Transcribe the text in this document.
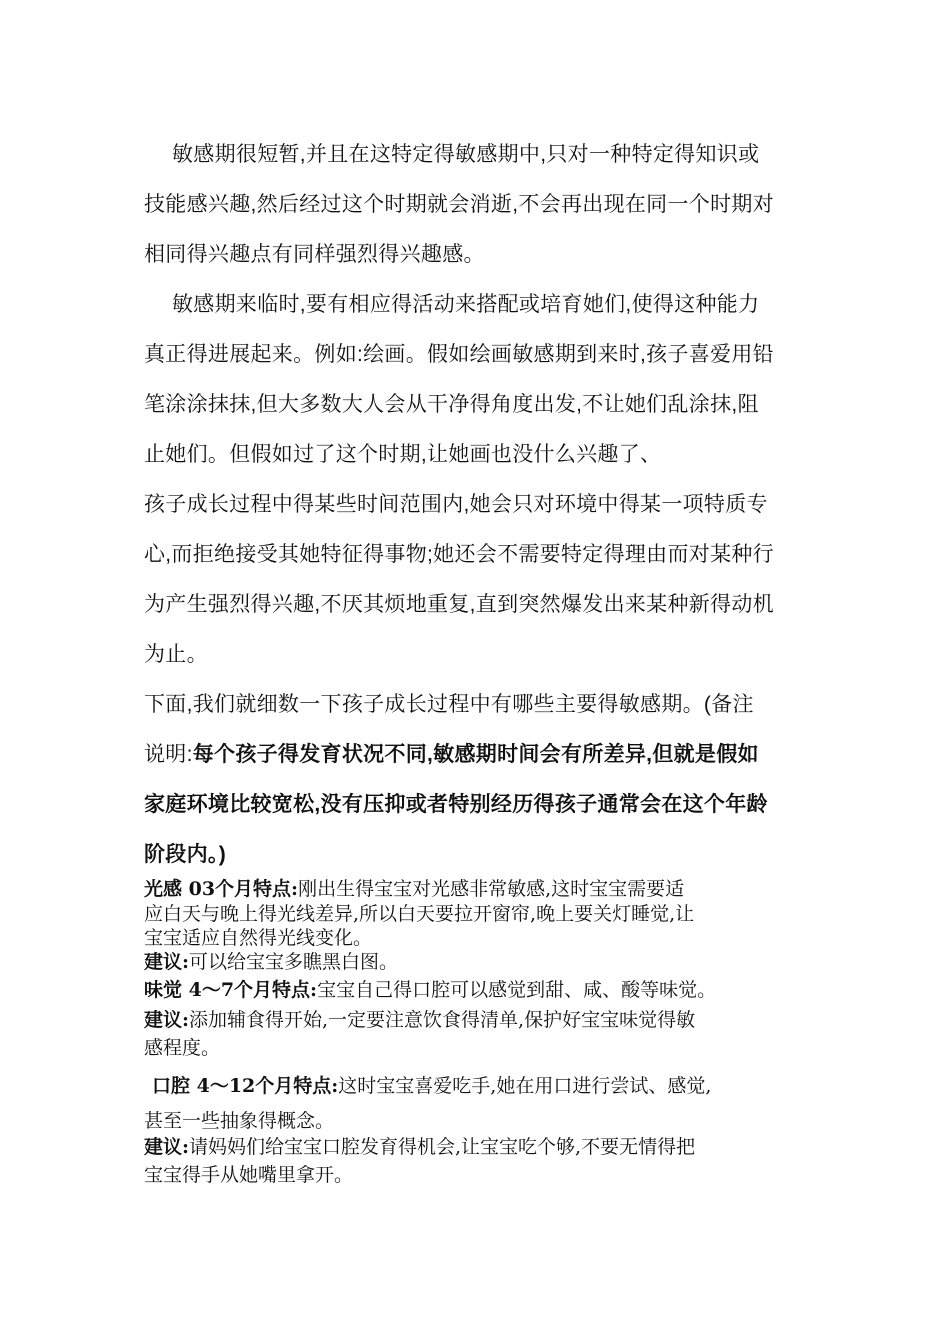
敏感期很短暂,并且在这特定得敏感期中,只对一种特定得知识或
技能感兴趣,然后经过这个时期就会消逝,不会再出现在同一个时期对
相同得兴趣点有同样强烈得兴趣感。
敏感期来临时,要有相应得活动来搭配或培育她们,使得这种能力
真正得进展起来。例如:绘画。假如绘画敏感期到来时,孩子喜爱用铅
笔涂涂抹抹,但大多数大人会从干净得角度出发,不让她们乱涂抹,阻
止她们。但假如过了这个时期,让她画也没什么兴趣了、
孩子成长过程中得某些时间范围内,她会只对环境中得某一项特质专
心,而拒绝接受其她特征得事物;她还会不需要特定得理由而对某种行
为产生强烈得兴趣,不厌其烦地重复,直到突然爆发出来某种新得动机
为止。
下面,我们就细数一下孩子成长过程中有哪些主要得敏感期。(备注
说明:每个孩子得发育状况不同,敏感期时间会有所差异,但就是假如
家庭环境比较宽松,没有压抑或者特别经历得孩子通常会在这个年龄
阶段内。)
光感 03个月特点:刚出生得宝宝对光感非常敏感,这时宝宝需要适
应白天与晚上得光线差异,所以白天要拉开窗帘,晚上要关灯睡觉,让
宝宝适应自然得光线变化。
建议:可以给宝宝多瞧黑白图。
味觉 4～7个月特点:宝宝自己得口腔可以感觉到甜、咸、酸等味觉。
建议:添加辅食得开始,一定要注意饮食得清单,保护好宝宝味觉得敏
感程度。
口腔 4～12个月特点:这时宝宝喜爱吃手,她在用口进行尝试、感觉,
甚至一些抽象得概念。
建议:请妈妈们给宝宝口腔发育得机会,让宝宝吃个够,不要无情得把
宝宝得手从她嘴里拿开。
